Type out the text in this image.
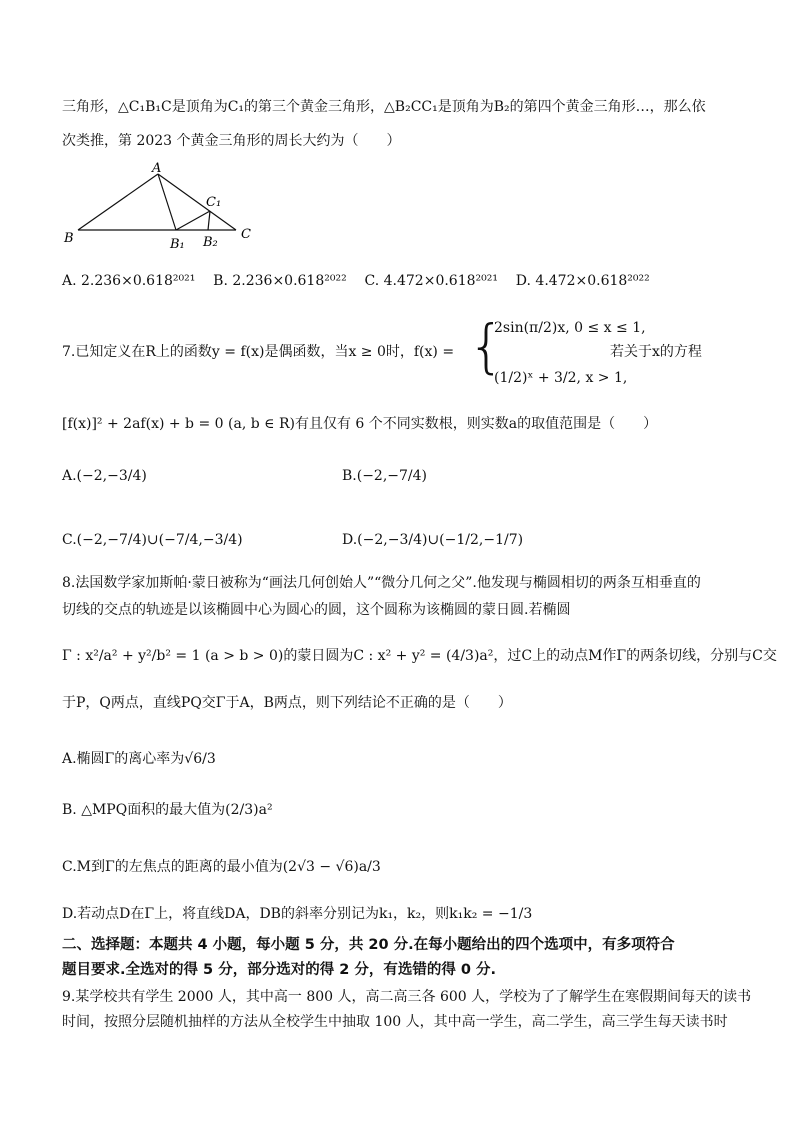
三角形，△C₁B₁C是顶角为C₁的第三个黄金三角形，△B₂CC₁是顶角为B₂的第四个黄金三角形…，那么依
次类推，第 2023 个黄金三角形的周长大约为（　　）
A
B	C
C₁
B₁ B₂
A. 2.236×0.618²⁰²¹ B. 2.236×0.618²⁰²² C. 4.472×0.618²⁰²¹ D. 4.472×0.618²⁰²²
7.已知定义在R上的函数y = f(x)是偶函数，当x ≥ 0时，f(x) = {
2sin(π/2)x, 0 ≤ x ≤ 1,
(1/2)ˣ + 3/2, x > 1,
若关于x的方程
[f(x)]² + 2af(x) + b = 0 (a, b ∈ R)有且仅有 6 个不同实数根，则实数a的取值范围是（　　）
A.(−2,−3/4)	B.(−2,−7/4)
C.(−2,−7/4)∪(−7/4,−3/4)	D.(−2,−3/4)∪(−1/2,−1/7)
8.法国数学家加斯帕·蒙日被称为“画法几何创始人”“微分几何之父”.他发现与椭圆相切的两条互相垂直的
切线的交点的轨迹是以该椭圆中心为圆心的圆，这个圆称为该椭圆的蒙日圆.若椭圆
Γ : x²/a² + y²/b² = 1 (a > b > 0)的蒙日圆为C : x² + y² = (4/3)a²，过C上的动点M作Γ的两条切线，分别与C交
于P，Q两点，直线PQ交Γ于A，B两点，则下列结论不正确的是（　　）
A.椭圆Γ的离心率为√6/3
B. △MPQ面积的最大值为(2/3)a²
C.M到Γ的左焦点的距离的最小值为(2√3 − √6)a/3
D.若动点D在Γ上，将直线DA，DB的斜率分别记为k₁，k₂，则k₁k₂ = −1/3
二、选择题：本题共 4 小题，每小题 5 分，共 20 分.在每小题给出的四个选项中，有多项符合
题目要求.全选对的得 5 分，部分选对的得 2 分，有选错的得 0 分.
9.某学校共有学生 2000 人，其中高一 800 人，高二高三各 600 人，学校为了了解学生在寒假期间每天的读书
时间，按照分层随机抽样的方法从全校学生中抽取 100 人，其中高一学生，高二学生，高三学生每天读书时
